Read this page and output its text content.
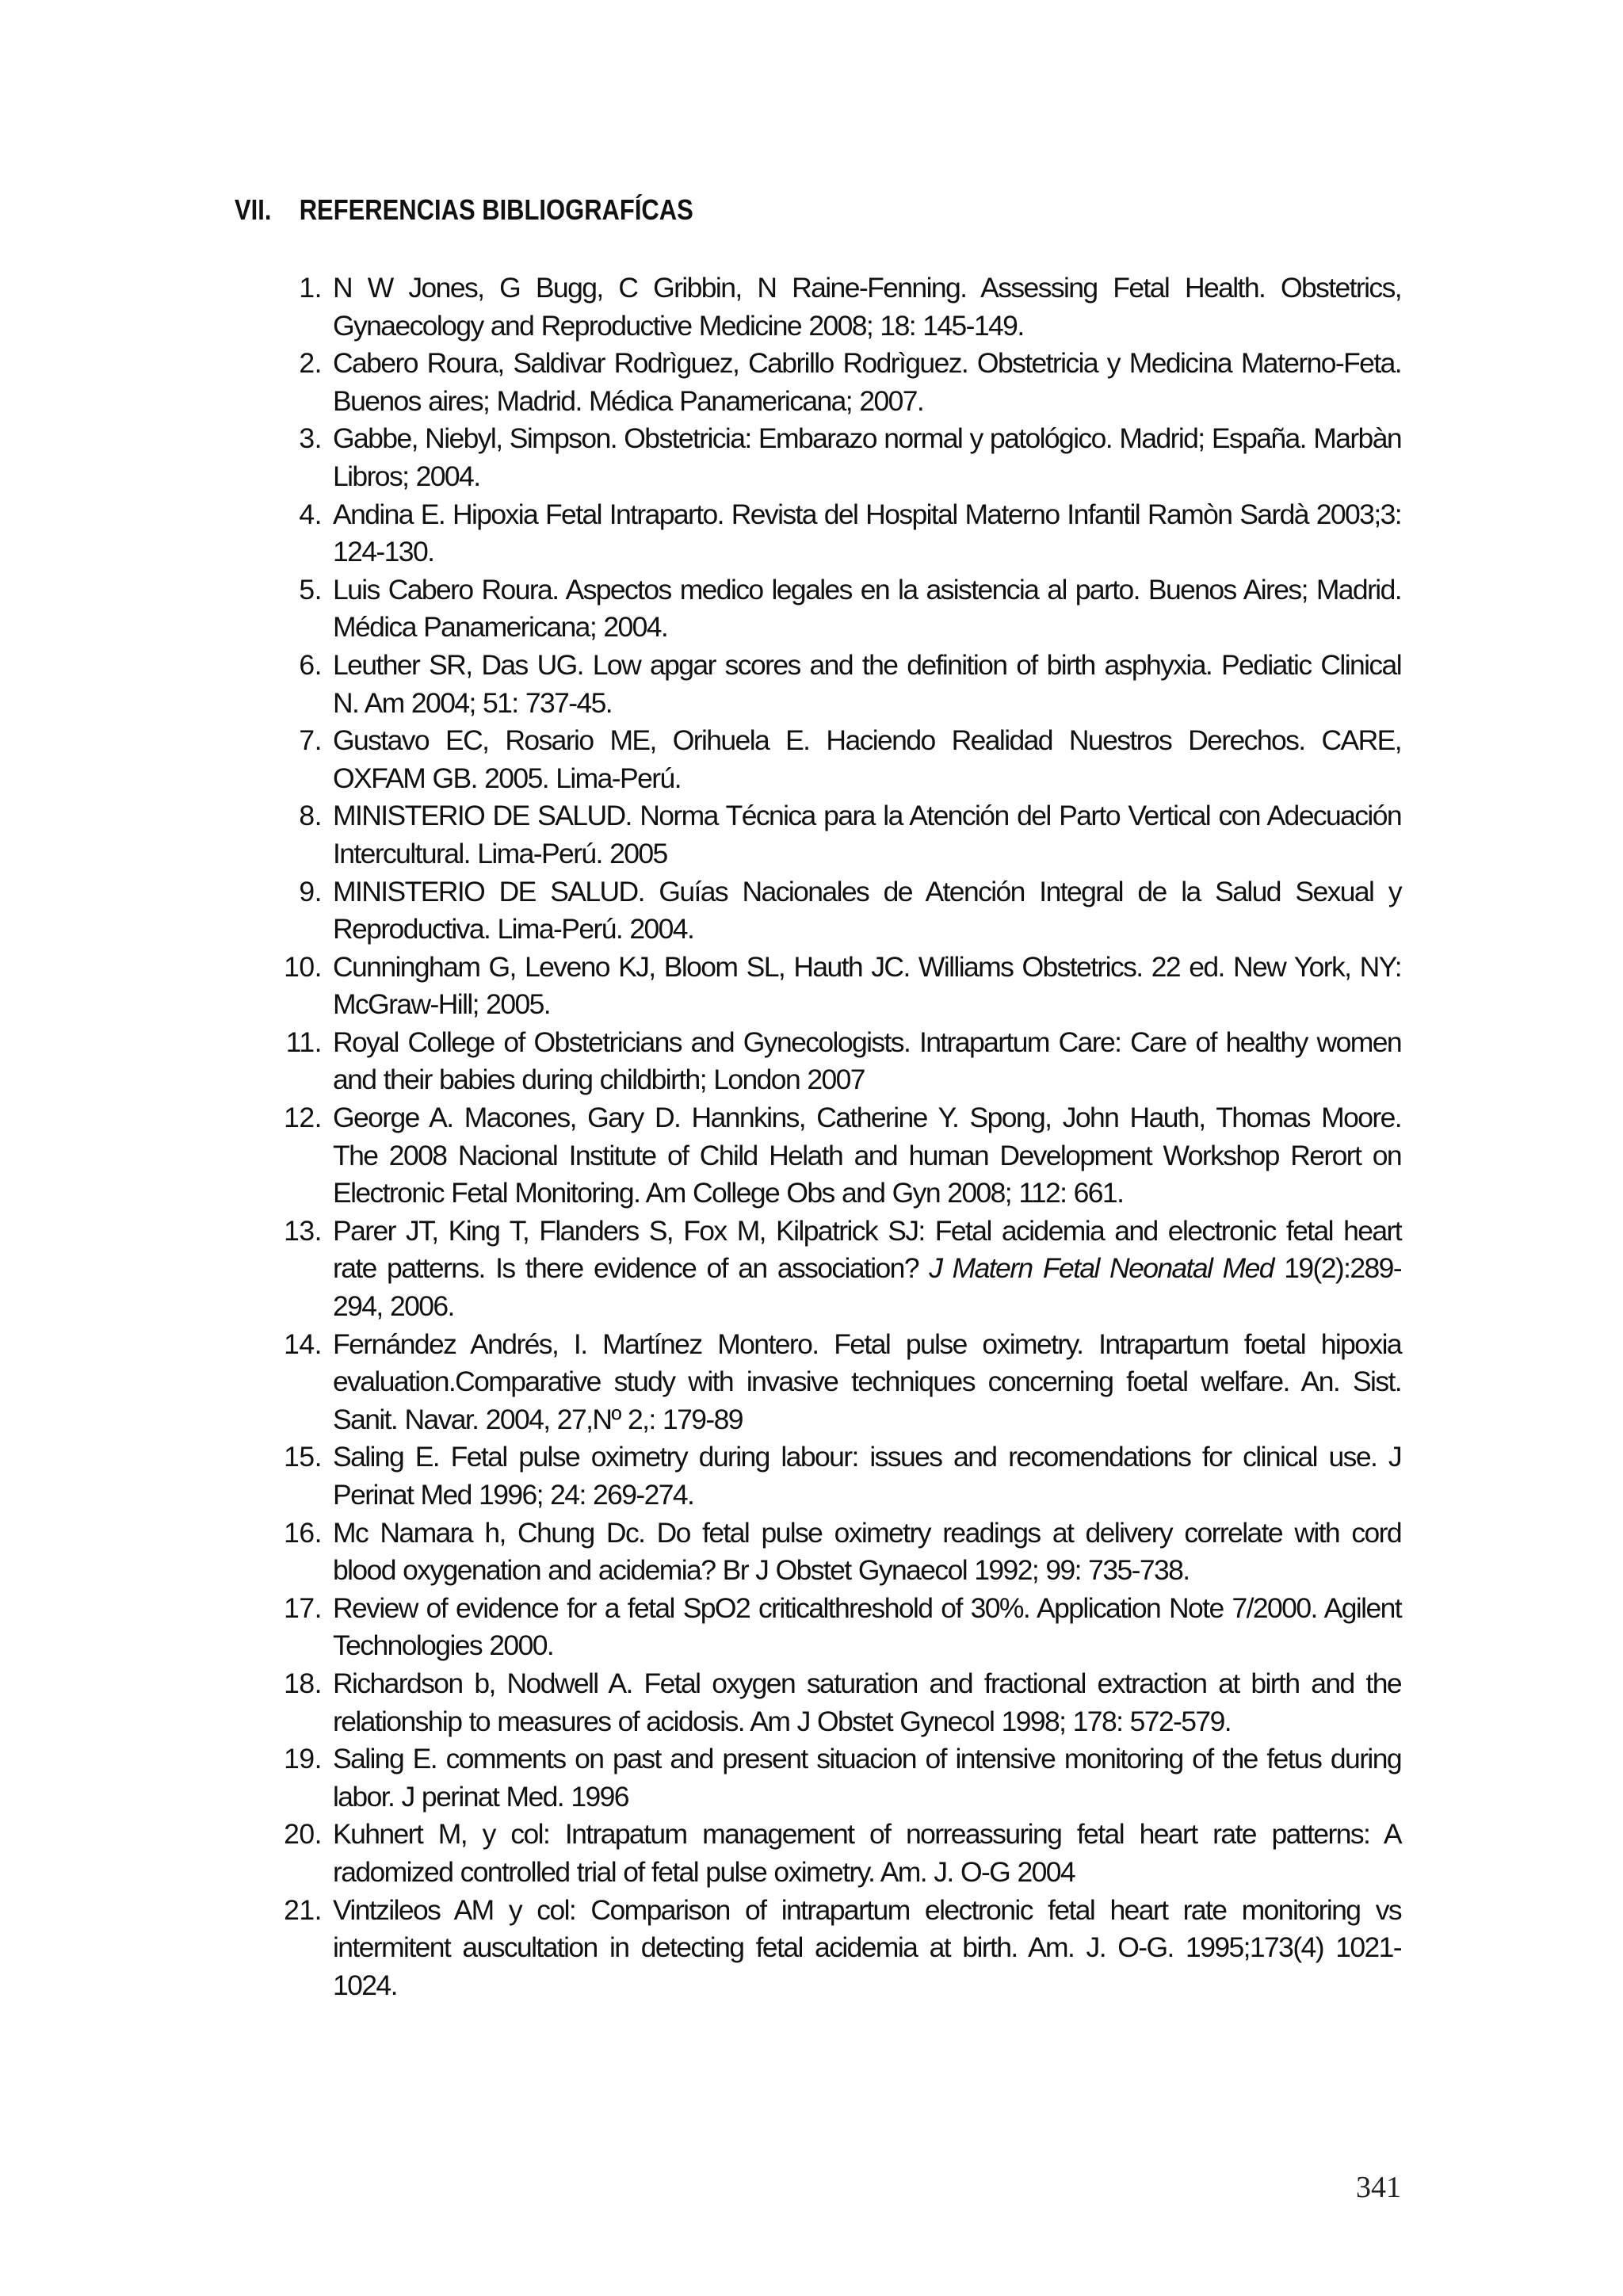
VII. REFERENCIAS BIBLIOGRAFÍCAS
1. N W Jones, G Bugg, C Gribbin, N Raine-Fenning. Assessing Fetal Health. Obstetrics, Gynaecology and Reproductive Medicine 2008; 18: 145-149.
2. Cabero Roura, Saldivar Rodrìguez, Cabrillo Rodrìguez. Obstetricia y Medicina Materno-Feta. Buenos aires; Madrid. Médica Panamericana; 2007.
3. Gabbe, Niebyl, Simpson. Obstetricia: Embarazo normal y patológico. Madrid; España. Marbàn Libros; 2004.
4. Andina E. Hipoxia Fetal Intraparto. Revista del Hospital Materno Infantil Ramòn Sardà 2003;3: 124-130.
5. Luis Cabero Roura. Aspectos medico legales en la asistencia al parto. Buenos Aires; Madrid. Médica Panamericana; 2004.
6. Leuther SR, Das UG. Low apgar scores and the definition of birth asphyxia. Pediatic Clinical N. Am 2004; 51: 737-45.
7. Gustavo EC, Rosario ME, Orihuela E. Haciendo Realidad Nuestros Derechos. CARE, OXFAM GB. 2005. Lima-Perú.
8. MINISTERIO DE SALUD. Norma Técnica para la Atención del Parto Vertical con Adecuación Intercultural. Lima-Perú. 2005
9. MINISTERIO DE SALUD. Guías Nacionales de Atención Integral de la Salud Sexual y Reproductiva. Lima-Perú. 2004.
10. Cunningham G, Leveno KJ, Bloom SL, Hauth JC. Williams Obstetrics. 22 ed. New York, NY: McGraw-Hill; 2005.
11. Royal College of Obstetricians and Gynecologists. Intrapartum Care: Care of healthy women and their babies during childbirth; London 2007
12. George A. Macones, Gary D. Hannkins, Catherine Y. Spong, John Hauth, Thomas Moore. The 2008 Nacional Institute of Child Helath and human Development Workshop Rerort on Electronic Fetal Monitoring. Am College Obs and Gyn 2008; 112: 661.
13. Parer JT, King T, Flanders S, Fox M, Kilpatrick SJ: Fetal acidemia and electronic fetal heart rate patterns. Is there evidence of an association? J Matern Fetal Neonatal Med 19(2):289-294, 2006.
14. Fernández Andrés, I. Martínez Montero. Fetal pulse oximetry. Intrapartum foetal hipoxia evaluation.Comparative study with invasive techniques concerning foetal welfare. An. Sist. Sanit. Navar. 2004, 27,Nº 2,: 179-89
15. Saling E. Fetal pulse oximetry during labour: issues and recomendations for clinical use. J Perinat Med 1996; 24: 269-274.
16. Mc Namara h, Chung Dc. Do fetal pulse oximetry readings at delivery correlate with cord blood oxygenation and acidemia? Br J Obstet Gynaecol 1992; 99: 735-738.
17. Review of evidence for a fetal SpO2 criticalthreshold of 30%. Application Note 7/2000. Agilent Technologies 2000.
18. Richardson b, Nodwell A. Fetal oxygen saturation and fractional extraction at birth and the relationship to measures of acidosis. Am J Obstet Gynecol 1998; 178: 572-579.
19. Saling E. comments on past and present situacion of intensive monitoring of the fetus during labor. J perinat Med. 1996
20. Kuhnert M, y col: Intrapatum management of norreassuring fetal heart rate patterns: A radomized controlled trial of fetal pulse oximetry. Am. J. O-G 2004
21. Vintzileos AM y col: Comparison of intrapartum electronic fetal heart rate monitoring vs intermitent auscultation in detecting fetal acidemia at birth. Am. J. O-G. 1995;173(4) 1021-1024.
341
